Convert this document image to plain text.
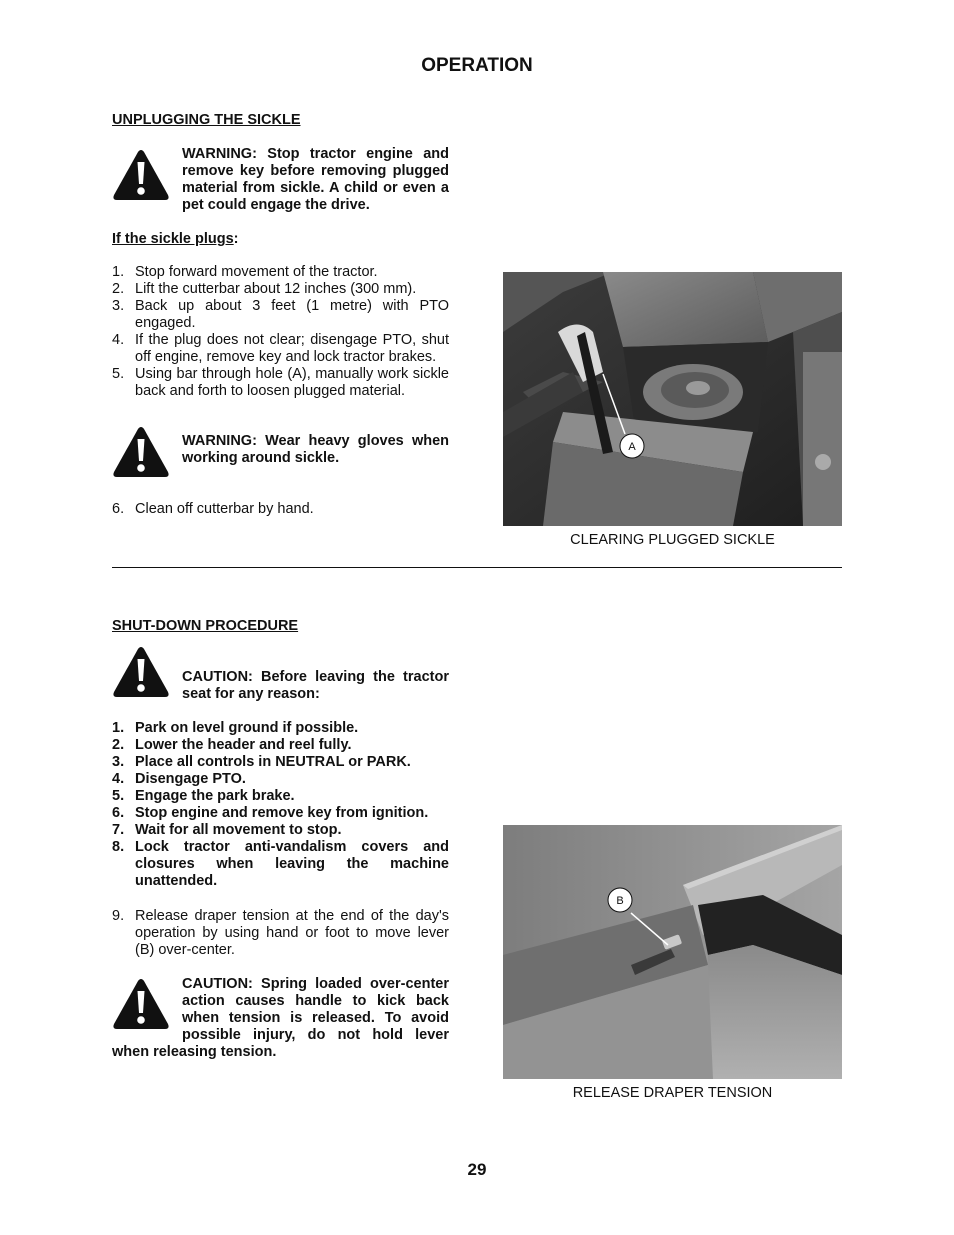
OPERATION
UNPLUGGING THE SICKLE
WARNING: Stop tractor engine and remove key before removing plugged material from sickle. A child or even a pet could engage the drive.
If the sickle plugs:
1. Stop forward movement of the tractor.
2. Lift the cutterbar about 12 inches (300 mm).
3. Back up about 3 feet (1 metre) with PTO engaged.
4. If the plug does not clear; disengage PTO, shut off engine, remove key and lock tractor brakes.
5. Using bar through hole (A), manually work sickle back and forth to loosen plugged material.
WARNING: Wear heavy gloves when working around sickle.
6. Clean off cutterbar by hand.
A
CLEARING PLUGGED SICKLE
SHUT-DOWN PROCEDURE
CAUTION: Before leaving the tractor seat for any reason:
1. Park on level ground if possible.
2. Lower the header and reel fully.
3. Place all controls in NEUTRAL or PARK.
4. Disengage PTO.
5. Engage the park brake.
6. Stop engine and remove key from ignition.
7. Wait for all movement to stop.
8. Lock tractor anti-vandalism covers and closures when leaving the machine unattended.
9. Release draper tension at the end of the day's operation by using hand or foot to move lever (B) over-center.
CAUTION: Spring loaded over-center action causes handle to kick back when tension is released. To avoid possible injury, do not hold lever when releasing tension.
B
RELEASE DRAPER TENSION
29
